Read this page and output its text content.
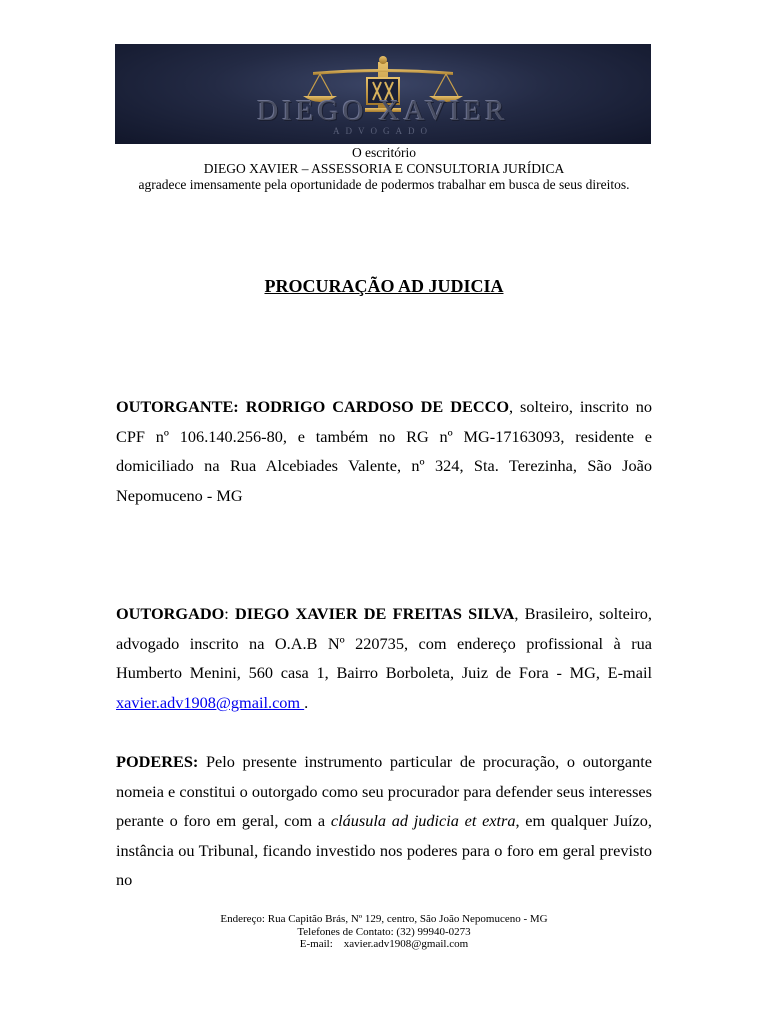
DIEGO XAVIER
ADVOGADO
O escritório
DIEGO XAVIER – ASSESSORIA E CONSULTORIA JURÍDICA
agradece imensamente pela oportunidade de podermos trabalhar em busca de seus direitos.
PROCURAÇÃO AD JUDICIA
OUTORGANTE: RODRIGO CARDOSO DE DECCO, solteiro, inscrito no CPF nº 106.140.256-80, e também no RG nº MG-17163093, residente e domiciliado na Rua Alcebiades Valente, nº 324, Sta. Terezinha, São João Nepomuceno - MG
OUTORGADO: DIEGO XAVIER DE FREITAS SILVA, Brasileiro, solteiro, advogado inscrito na O.A.B Nº 220735, com endereço profissional à rua Humberto Menini, 560 casa 1, Bairro Borboleta, Juiz de Fora - MG, E-mail xavier.adv1908@gmail.com .
PODERES: Pelo presente instrumento particular de procuração, o outorgante nomeia e constitui o outorgado como seu procurador para defender seus interesses perante o foro em geral, com a cláusula ad judicia et extra, em qualquer Juízo, instância ou Tribunal, ficando investido nos poderes para o foro em geral previsto no
Endereço: Rua Capitão Brás, Nº 129, centro, São João Nepomuceno - MG
Telefones de Contato: (32) 99940-0273
E-mail: xavier.adv1908@gmail.com
